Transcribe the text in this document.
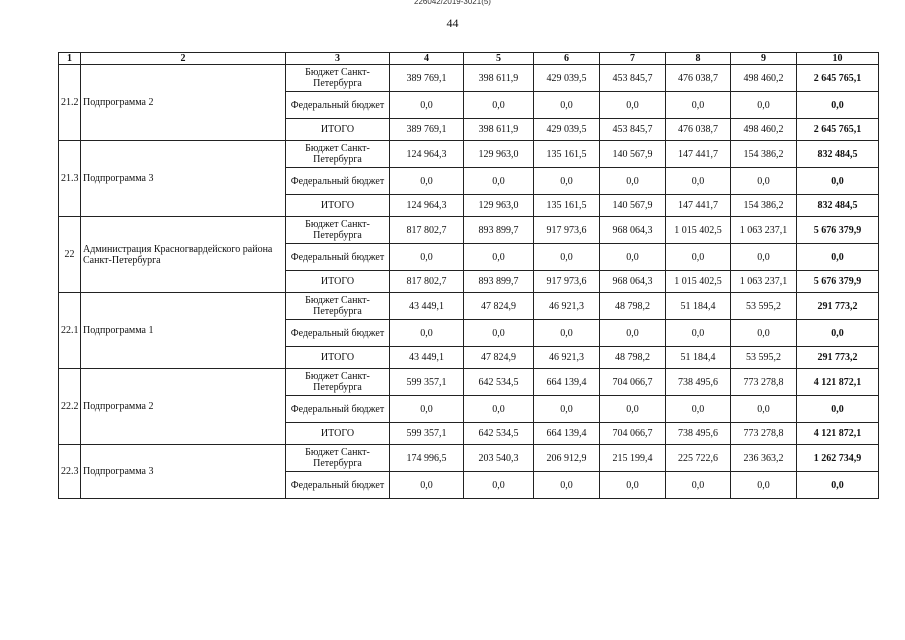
226042/2019-3021(5)
44
1	2	3	4	5	6	7	8	9	10
21.2	Подпрограмма 2	Бюджет Санкт-Петербурга	389 769,1	398 611,9	429 039,5	453 845,7	476 038,7	498 460,2	2 645 765,1
		Федеральный бюджет	0,0	0,0	0,0	0,0	0,0	0,0	0,0
		ИТОГО	389 769,1	398 611,9	429 039,5	453 845,7	476 038,7	498 460,2	2 645 765,1
21.3	Подпрограмма 3	Бюджет Санкт-Петербурга	124 964,3	129 963,0	135 161,5	140 567,9	147 441,7	154 386,2	832 484,5
		Федеральный бюджет	0,0	0,0	0,0	0,0	0,0	0,0	0,0
		ИТОГО	124 964,3	129 963,0	135 161,5	140 567,9	147 441,7	154 386,2	832 484,5
22	Администрация Красногвардейского района Санкт-Петербурга	Бюджет Санкт-Петербурга	817 802,7	893 899,7	917 973,6	968 064,3	1 015 402,5	1 063 237,1	5 676 379,9
		Федеральный бюджет	0,0	0,0	0,0	0,0	0,0	0,0	0,0
		ИТОГО	817 802,7	893 899,7	917 973,6	968 064,3	1 015 402,5	1 063 237,1	5 676 379,9
22.1	Подпрограмма 1	Бюджет Санкт-Петербурга	43 449,1	47 824,9	46 921,3	48 798,2	51 184,4	53 595,2	291 773,2
		Федеральный бюджет	0,0	0,0	0,0	0,0	0,0	0,0	0,0
		ИТОГО	43 449,1	47 824,9	46 921,3	48 798,2	51 184,4	53 595,2	291 773,2
22.2	Подпрограмма 2	Бюджет Санкт-Петербурга	599 357,1	642 534,5	664 139,4	704 066,7	738 495,6	773 278,8	4 121 872,1
		Федеральный бюджет	0,0	0,0	0,0	0,0	0,0	0,0	0,0
		ИТОГО	599 357,1	642 534,5	664 139,4	704 066,7	738 495,6	773 278,8	4 121 872,1
22.3	Подпрограмма 3	Бюджет Санкт-Петербурга	174 996,5	203 540,3	206 912,9	215 199,4	225 722,6	236 363,2	1 262 734,9
		Федеральный бюджет	0,0	0,0	0,0	0,0	0,0	0,0	0,0
